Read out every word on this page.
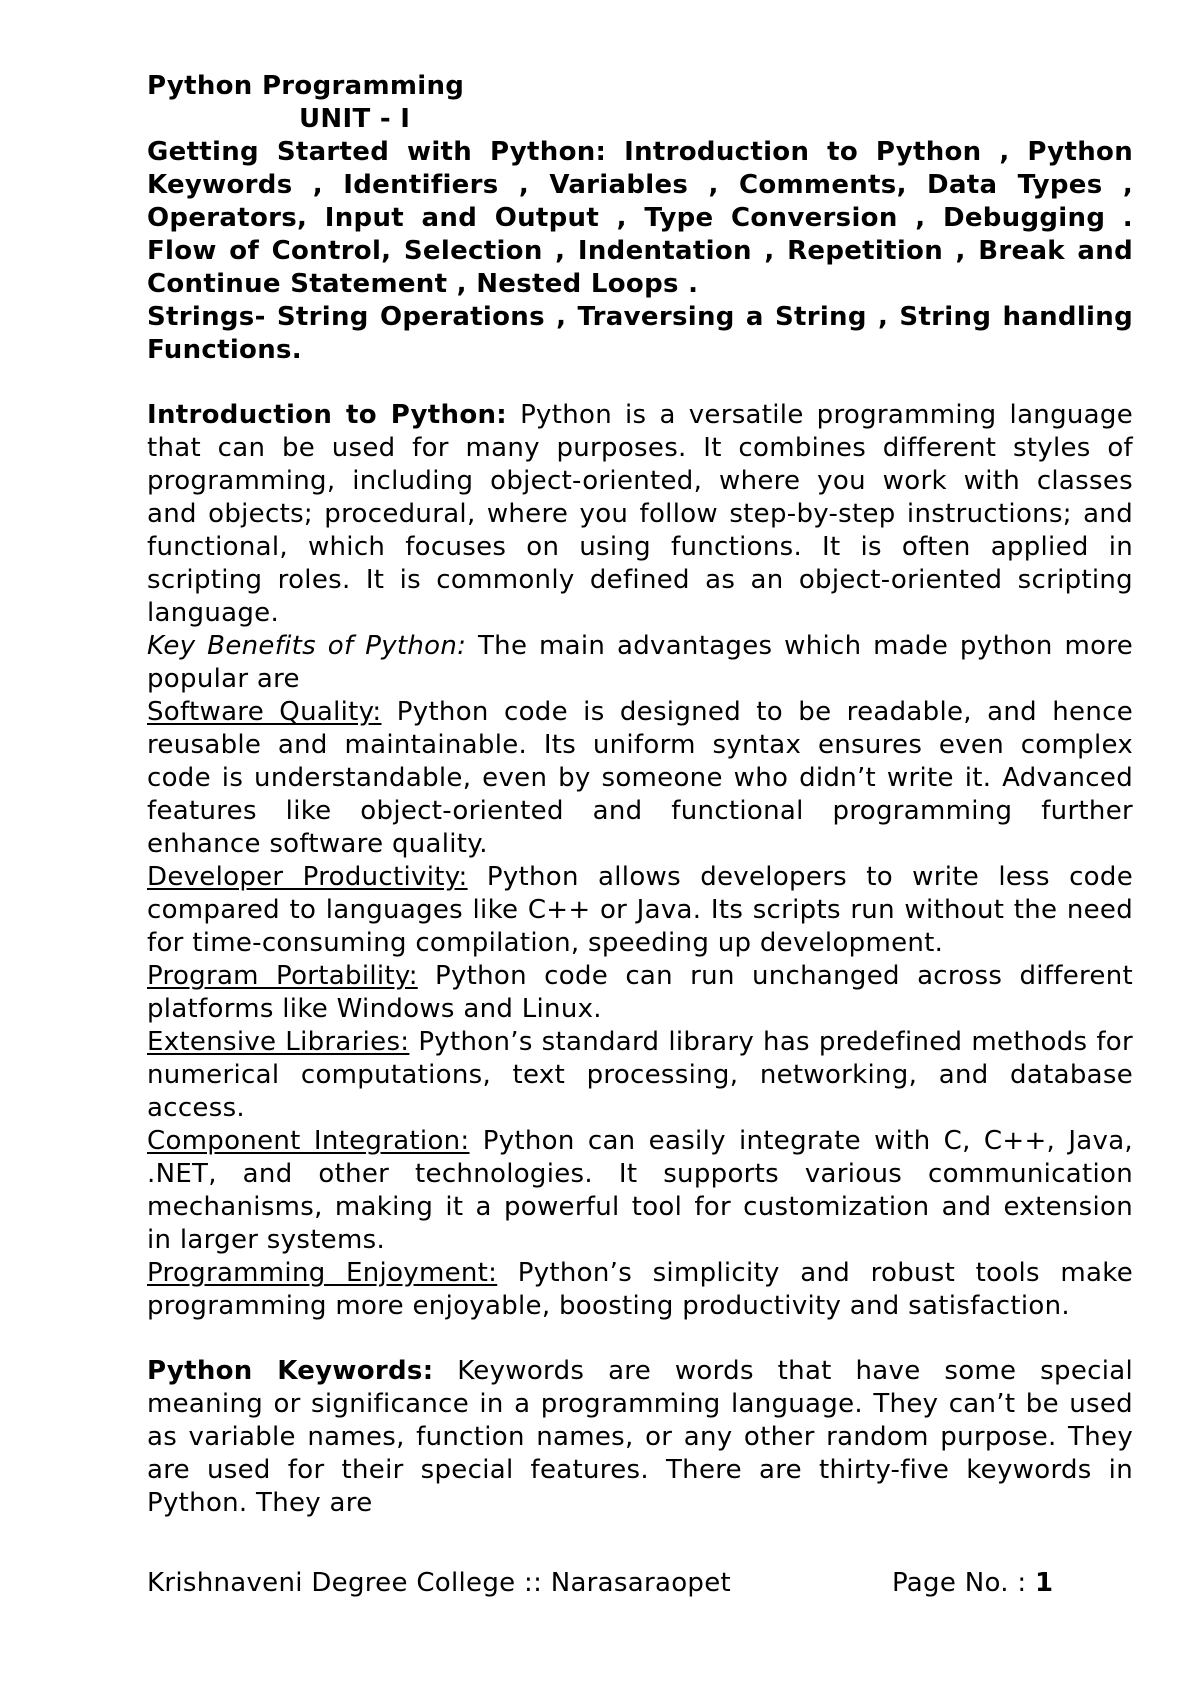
Python Programming
UNIT - I
Getting Started with Python: Introduction to Python , Python Keywords , Identifiers , Variables , Comments, Data Types , Operators, Input and Output , Type Conversion , Debugging . Flow of Control, Selection , Indentation , Repetition , Break and Continue Statement , Nested Loops .
Strings- String Operations , Traversing a String , String handling Functions.
Introduction to Python: Python is a versatile programming language that can be used for many purposes. It combines different styles of programming, including object-oriented, where you work with classes and objects; procedural, where you follow step-by-step instructions; and functional, which focuses on using functions. It is often applied in scripting roles. It is commonly defined as an object-oriented scripting language.
Key Benefits of Python: The main advantages which made python more popular are
Software Quality: Python code is designed to be readable, and hence reusable and maintainable. Its uniform syntax ensures even complex code is understandable, even by someone who didn’t write it. Advanced features like object-oriented and functional programming further enhance software quality.
Developer Productivity: Python allows developers to write less code compared to languages like C++ or Java. Its scripts run without the need for time-consuming compilation, speeding up development.
Program Portability: Python code can run unchanged across different platforms like Windows and Linux.
Extensive Libraries: Python’s standard library has predefined methods for numerical computations, text processing, networking, and database access.
Component Integration: Python can easily integrate with C, C++, Java, .NET, and other technologies. It supports various communication mechanisms, making it a powerful tool for customization and extension in larger systems.
Programming Enjoyment: Python’s simplicity and robust tools make programming more enjoyable, boosting productivity and satisfaction.
Python Keywords: Keywords are words that have some special meaning or significance in a programming language. They can’t be used as variable names, function names, or any other random purpose. They are used for their special features. There are thirty-five keywords in Python. They are
Krishnaveni Degree College :: Narasaraopet	Page No. : 1
